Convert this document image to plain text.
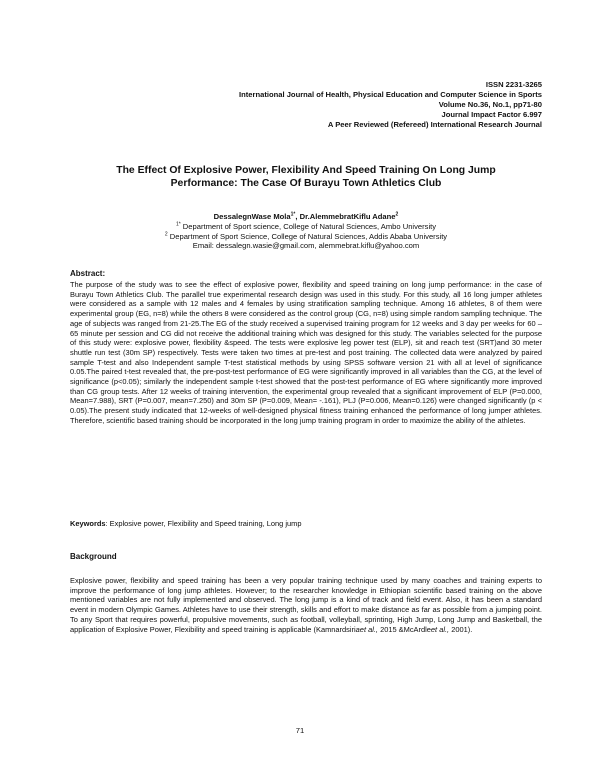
ISSN 2231-3265
International Journal of Health, Physical Education and Computer Science in Sports
Volume No.36, No.1, pp71-80
Journal Impact Factor 6.997
A Peer Reviewed (Refereed) International Research Journal
The Effect Of Explosive Power, Flexibility And Speed Training On Long Jump
Performance: The Case Of Burayu Town Athletics Club
DessalegnWase Mola$^{1*}$, Dr.AlemmebratKiflu Adane$^2$
$^{1*}$ Department of Sport science, College of Natural Sciences, Ambo University
$^2$ Department of Sport Science, College of Natural Sciences, Addis Ababa University
Email: dessalegn.wasie@gmail.com, alemmebrat.kiflu@yahoo.com
Abstract:
The purpose of the study was to see the effect of explosive power, flexibility and speed training on long jump performance: in the case of Burayu Town Athletics Club. The parallel true experimental research design was used in this study. For this study, all 16 long jumper athletes were considered as a sample with 12 males and 4 females by using stratification sampling technique. Among 16 athletes, 8 of them were experimental group (EG, n=8) while the others 8 were considered as the control group (CG, n=8) using simple random sampling technique. The age of subjects was ranged from 21-25.The EG of the study received a supervised training program for 12 weeks and 3 day per weeks for 60 – 65 minute per session and CG did not receive the additional training which was designed for this study. The variables selected for the purpose of this study were: explosive power, flexibility &speed. The tests were explosive leg power test (ELP), sit and reach test (SRT)and 30 meter shuttle run test (30m SP) respectively. Tests were taken two times at pre-test and post training. The collected data were analyzed by paired sample T-test and also Independent sample T-test statistical methods by using SPSS software version 21 with all at level of significance 0.05.The paired t-test revealed that, the pre-post-test performance of EG were significantly improved in all variables than the CG, at the level of significance (p<0.05); similarly the independent sample t-test showed that the post-test performance of EG where significantly more improved than CG group tests. After 12 weeks of training intervention, the experimental group revealed that a significant improvement of ELP (P=0.000, Mean=7.988), SRT (P=0.007, mean=7.250) and 30m SP (P=0.009, Mean= -.161), PLJ (P=0.006, Mean=0.126) were changed significantly (p < 0.05).The present study indicated that 12-weeks of well-designed physical fitness training enhanced the performance of long jumper athletes. Therefore, scientific based training should be incorporated in the long jump training program in order to maximize the ability of the athletes.
Keywords: Explosive power, Flexibility and Speed training, Long jump
Background
Explosive power, flexibility and speed training has been a very popular training technique used by many coaches and training experts to improve the performance of long jump athletes. However; to the researcher knowledge in Ethiopian scientific based training on the above mentioned variables are not fully implemented and observed. The long jump is a kind of track and field event. Also, it has been a standard event in modern Olympic Games. Athletes have to use their strength, skills and effort to make distance as far as possible from a jumping point. To any Sport that requires powerful, propulsive movements, such as football, volleyball, sprinting, High Jump, Long Jump and Basketball, the application of Explosive Power, Flexibility and speed training is applicable (Kamnardsiriaet al., 2015 &McArdleet al., 2001).
71
